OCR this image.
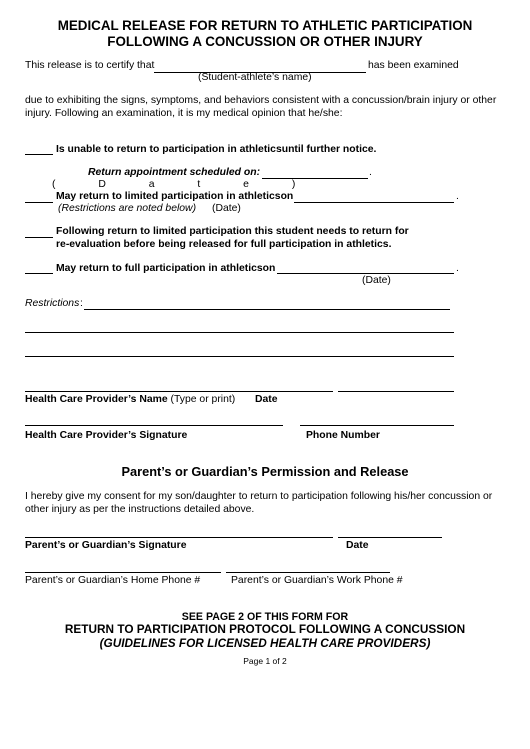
MEDICAL RELEASE FOR RETURN TO ATHLETIC PARTICIPATION
FOLLOWING A CONCUSSION OR OTHER INJURY
This release is to certify that	has been examined
(Student-athlete’s name)
due to exhibiting the signs, symptoms, and behaviors consistent with a concussion/brain injury or other
injury. Following an examination, it is my medical opinion that he/she:
Is unable to return to participation in athleticsuntil further notice.
Return appointment scheduled on:	.
( D a t e )
May return to limited participation in athleticson	.
(Restrictions are noted below) (Date)
Following return to limited participation this student needs to return for
re-evaluation before being released for full participation in athletics.
May return to full participation in athleticson	.
(Date)
Restrictions :
Health Care Provider’s Name (Type or print) Date
Health Care Provider’s Signature	Phone Number
Parent’s or Guardian’s Permission and Release
I hereby give my consent for my son/daughter to return to participation following his/her concussion or
other injury as per the instructions detailed above.
Parent’s or Guardian’s Signature	Date
Parent’s or Guardian’s Home Phone #	Parent’s or Guardian’s Work Phone #
SEE PAGE 2 OF THIS FORM FOR
RETURN TO PARTICIPATION PROTOCOL FOLLOWING A CONCUSSION
(GUIDELINES FOR LICENSED HEALTH CARE PROVIDERS)
Page 1 of 2
